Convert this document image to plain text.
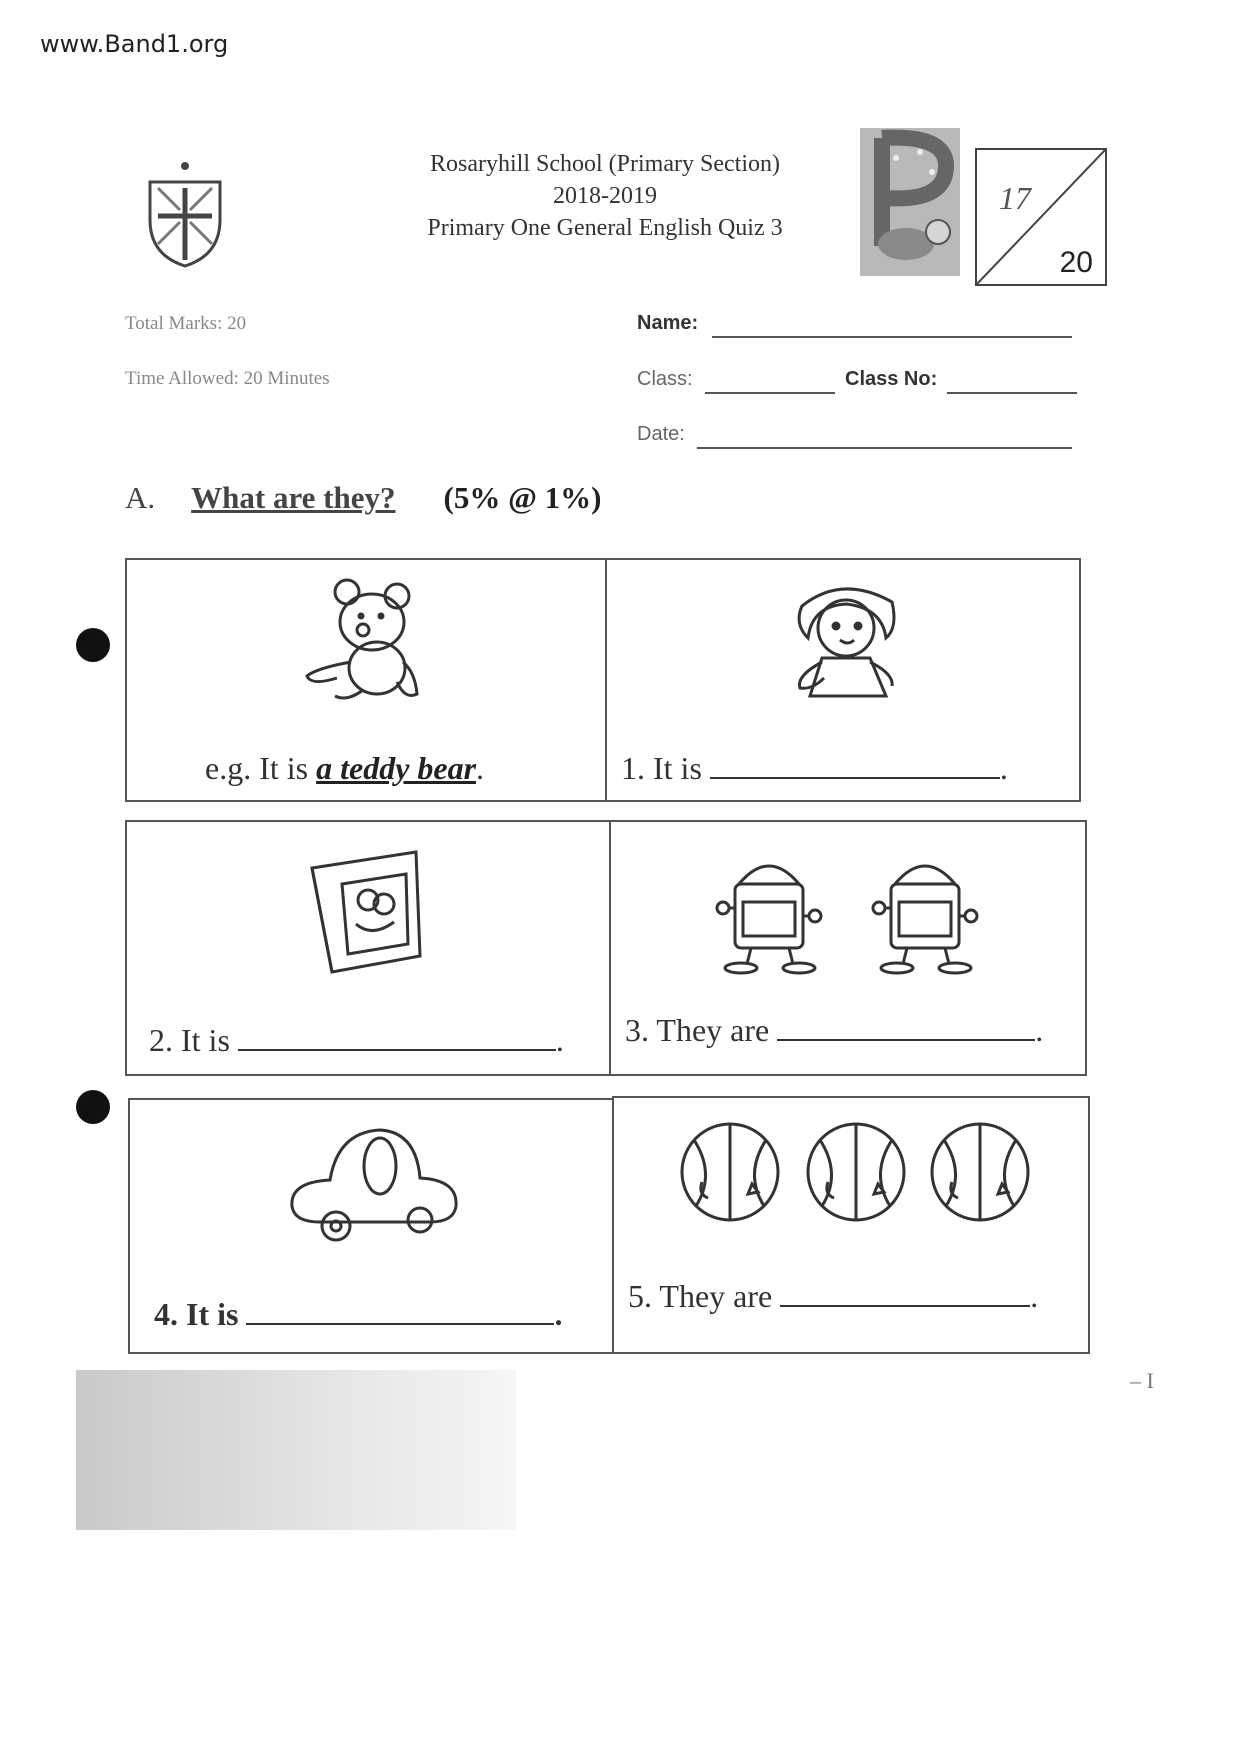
www.Band1.org
Rosaryhill School (Primary Section)
2018-2019
Primary One General English Quiz 3
17
20
Total Marks: 20
Time Allowed: 20 Minutes
Name:
Class:	Class No:
Date:
A. What are they? (5% @ 1%)
e.g. It is a teddy bear.	1. It is	.
2. It is	. 3. They are	.
4. It is	. 5. They are	.
– I
